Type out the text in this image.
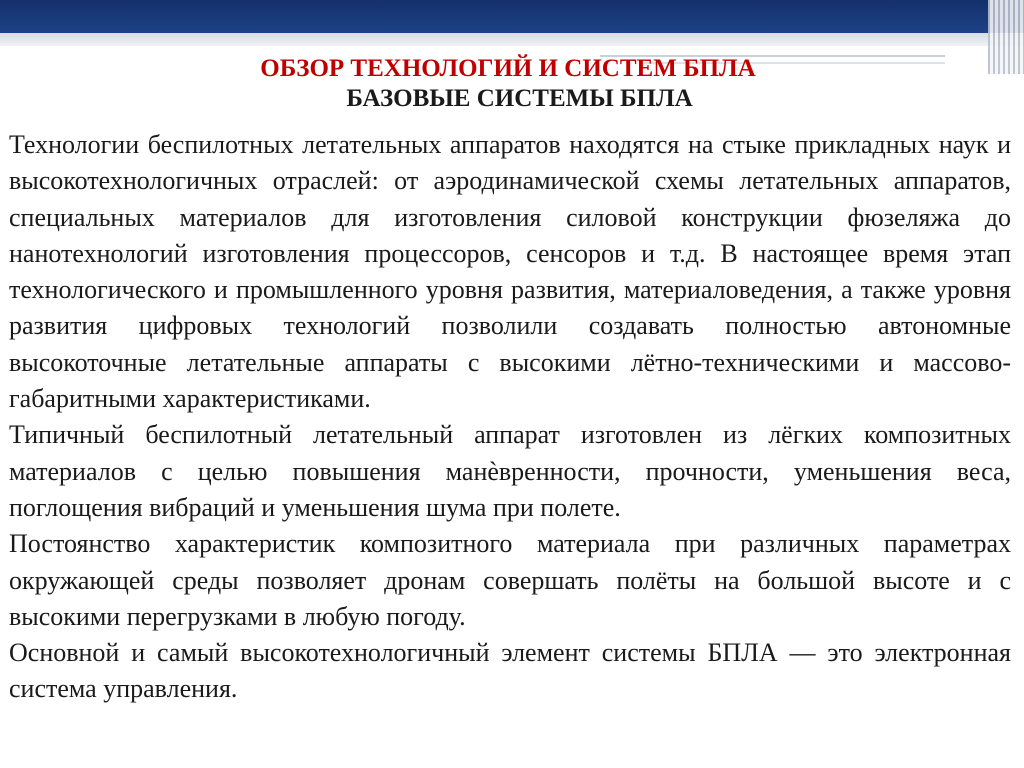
ОБЗОР ТЕХНОЛОГИЙ И СИСТЕМ БПЛА
БАЗОВЫЕ СИСТЕМЫ БПЛА

Технологии беспилотных летательных аппаратов находятся на стыке прикладных наук и высокотехнологичных отраслей: от аэродинамической схемы летательных аппаратов, специальных материалов для изготовления силовой конструкции фюзеляжа до нанотехнологий изготовления процессоров, сенсоров и т.д. В настоящее время этап технологического и промышленного уровня развития, материаловедения, а также уровня развития цифровых технологий позволили создавать полностью автономные высокоточные летательные аппараты с высокими лётно-техническими и массово-габаритными характеристиками.

Типичный беспилотный летательный аппарат изготовлен из лёгких композитных материалов с целью повышения манѐвренности, прочности, уменьшения веса, поглощения вибраций и уменьшения шума при полете.

Постоянство характеристик композитного материала при различных параметрах окружающей среды позволяет дронам совершать полёты на большой высоте и с высокими перегрузками в любую погоду.

Основной и самый высокотехнологичный элемент системы БПЛА — это электронная система управления.
